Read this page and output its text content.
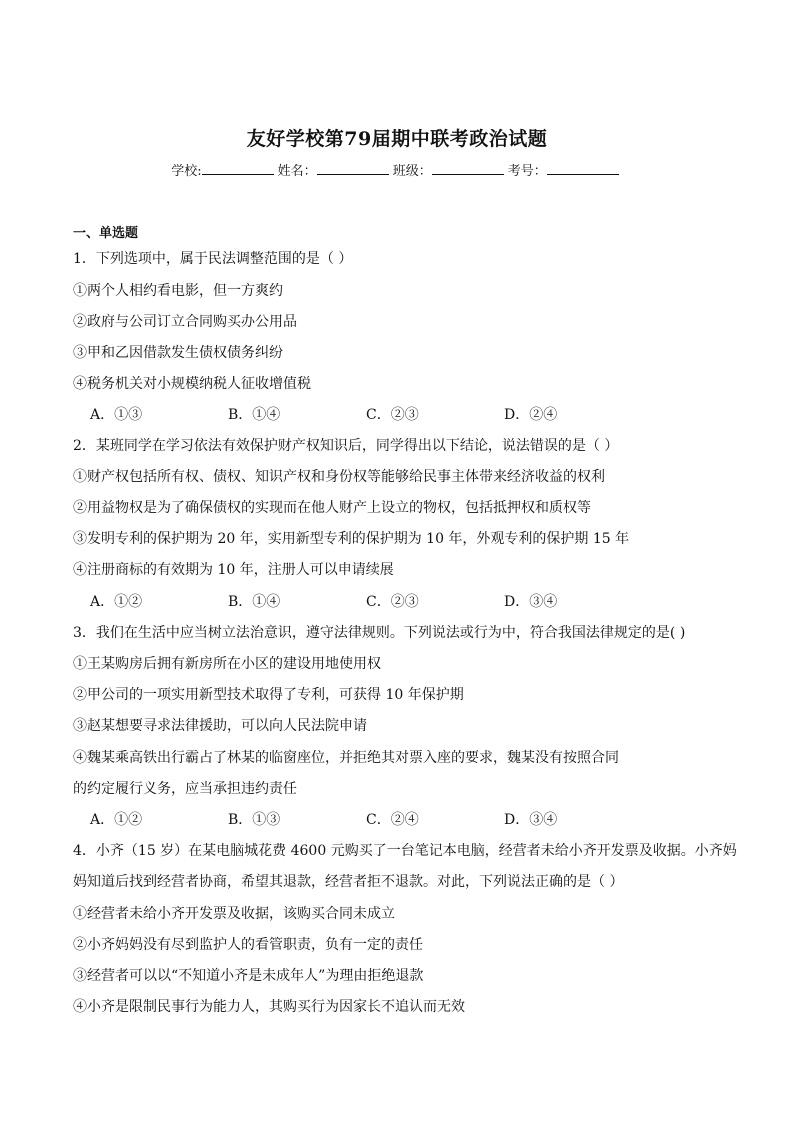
友好学校第79届期中联考政治试题
学校:	姓名：	班级：	考号：
一、单选题
1．下列选项中，属于民法调整范围的是（ ）
①两个人相约看电影，但一方爽约
②政府与公司订立合同购买办公用品
③甲和乙因借款发生债权债务纠纷
④税务机关对小规模纳税人征收增值税
A．①③	B．①④	C．②③	D．②④
2．某班同学在学习依法有效保护财产权知识后，同学得出以下结论，说法错误的是（ ）
①财产权包括所有权、债权、知识产权和身份权等能够给民事主体带来经济收益的权利
②用益物权是为了确保债权的实现而在他人财产上设立的物权，包括抵押权和质权等
③发明专利的保护期为 20 年，实用新型专利的保护期为 10 年，外观专利的保护期 15 年
④注册商标的有效期为 10 年，注册人可以申请续展
A．①②	B．①④	C．②③	D．③④
3．我们在生活中应当树立法治意识，遵守法律规则。下列说法或行为中，符合我国法律规定的是( )
①王某购房后拥有新房所在小区的建设用地使用权
②甲公司的一项实用新型技术取得了专利，可获得 10 年保护期
③赵某想要寻求法律援助，可以向人民法院申请
④魏某乘高铁出行霸占了林某的临窗座位，并拒绝其对票入座的要求，魏某没有按照合同
的约定履行义务，应当承担违约责任
A．①②	B．①③	C．②④	D．③④
4．小齐（15 岁）在某电脑城花费 4600 元购买了一台笔记本电脑，经营者未给小齐开发票及收据。小齐妈
妈知道后找到经营者协商，希望其退款，经营者拒不退款。对此，下列说法正确的是（ ）
①经营者未给小齐开发票及收据，该购买合同未成立
②小齐妈妈没有尽到监护人的看管职责，负有一定的责任
③经营者可以以“不知道小齐是未成年人”为理由拒绝退款
④小齐是限制民事行为能力人，其购买行为因家长不追认而无效
